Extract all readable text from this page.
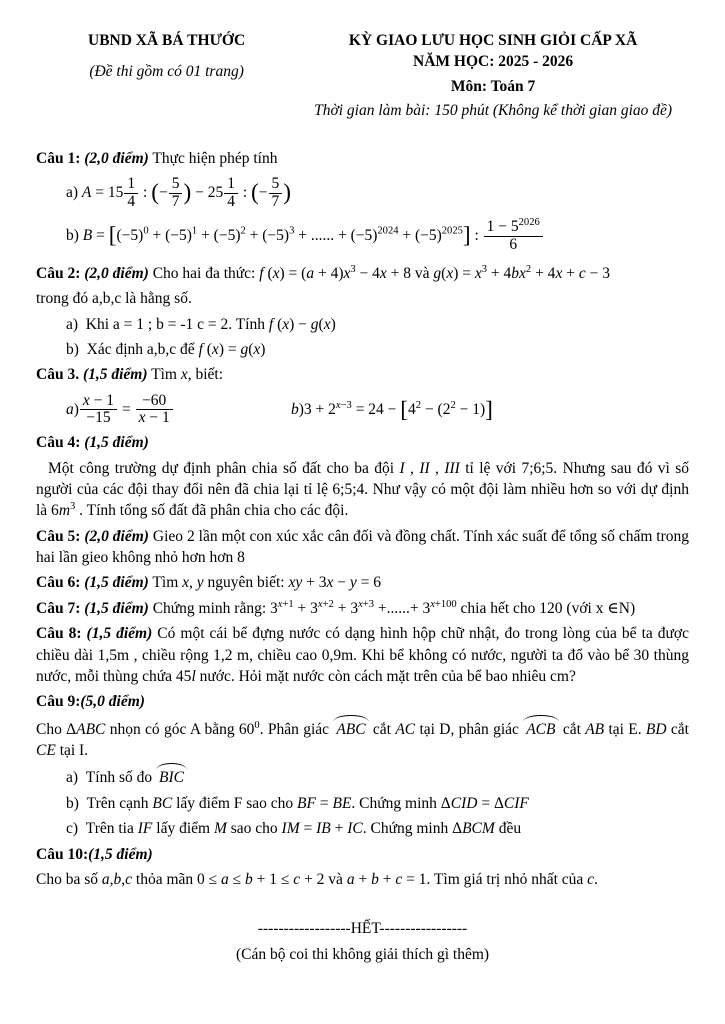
UBND XÃ BÁ THƯỚC
(Đề thi gồm có 01 trang)
KỲ GIAO LƯU HỌC SINH GIỎI CẤP XÃ
NĂM HỌC: 2025 - 2026
Môn: Toán 7
Thời gian làm bài: 150 phút (Không kể thời gian giao đề)

Câu 1: (2,0 điểm) Thực hiện phép tính

a) $A = 15 \frac{1}{4}$ : (− $\frac{5}{7}$ ) − $25 \frac{1}{4}$ : (− $\frac{5}{7}$ )

b) $B = [(-5)^0 + (-5)^1 + (-5)^2 + (-5)^3$ + ...... + $(-5)^{2024} + (-5)^{2025}$] : $\frac{1 - 5^{2026}}{6}$

Câu 2: (2,0 điểm) Cho hai đa thức: f $(x) = (a + 4)x^3 - 4x + 8$ và $g(x) = x^3 + 4bx^2 + 4x + c - 3$

trong đó a,b,c là hằng số.

a)  Khi a = 1 ; b = -1 c = 2. Tính f (x) − g(x)

b)  Xác định a,b,c để f (x) = g(x)

Câu 3. (1,5 điểm) Tìm x, biết:

$a) \frac{x - 1}{-15} = \frac{-60}{x - 1}$	$b)3 + 2^{x-3} = 24 - [4^2 - (2^2 - 1)]$

Câu 4: (1,5 điểm)

Một công trường dự định phân chia số đất cho ba đội I , II , III tỉ lệ với 7;6;5. Nhưng sau đó vì số người của các đội thay đổi nên đã chia lại tỉ lệ 6;5;4. Như vậy có một đội làm nhiều hơn so với dự định là $6m^3$ . Tính tổng số đất đã phân chia cho các đội.

Câu 5: (2,0 điểm) Gieo 2 lần một con xúc xắc cân đối và đồng chất. Tính xác suất để tổng số chấm trong hai lần gieo không nhỏ hơn hơn 8

Câu 6: (1,5 điểm) Tìm x, y nguyên biết: xy + 3x − y = 6

Câu 7: (1,5 điểm) Chứng minh rằng: $3^{x+1} + 3^{x+2} + 3^{x+3}$ +......+ $3^{x+100}$ chia hết cho 120 (với x ∈N)

Câu 8: (1,5 điểm) Có một cái bể đựng nước có dạng hình hộp chữ nhật, đo trong lòng của bể ta được chiều dài 1,5m , chiều rộng 1,2 m, chiều cao 0,9m. Khi bể không có nước, người ta đổ vào bể 30 thùng nước, mỗi thùng chứa 45l nước. Hỏi mặt nước còn cách mặt trên của bể bao nhiêu cm?

Câu 9:(5,0 điểm)

Cho ΔABC nhọn có góc A bằng $60^0$. Phân giác ABC cắt AC tại D, phân giác ACB cắt AB tại E. BD cắt CE tại I.

a)  Tính số đo BIC

b)  Trên cạnh BC lấy điểm F sao cho BF = BE. Chứng minh ΔCID = ΔCIF

c)  Trên tia IF lấy điểm M sao cho IM = IB + IC. Chứng minh ΔBCM đều

Câu 10:(1,5 điểm)

Cho ba số a,b,c thỏa mãn 0 ≤ a ≤ b + 1 ≤ c + 2 và a + b + c = 1. Tìm giá trị nhỏ nhất của c.

------------------HẾT-----------------

(Cán bộ coi thi không giải thích gì thêm)
